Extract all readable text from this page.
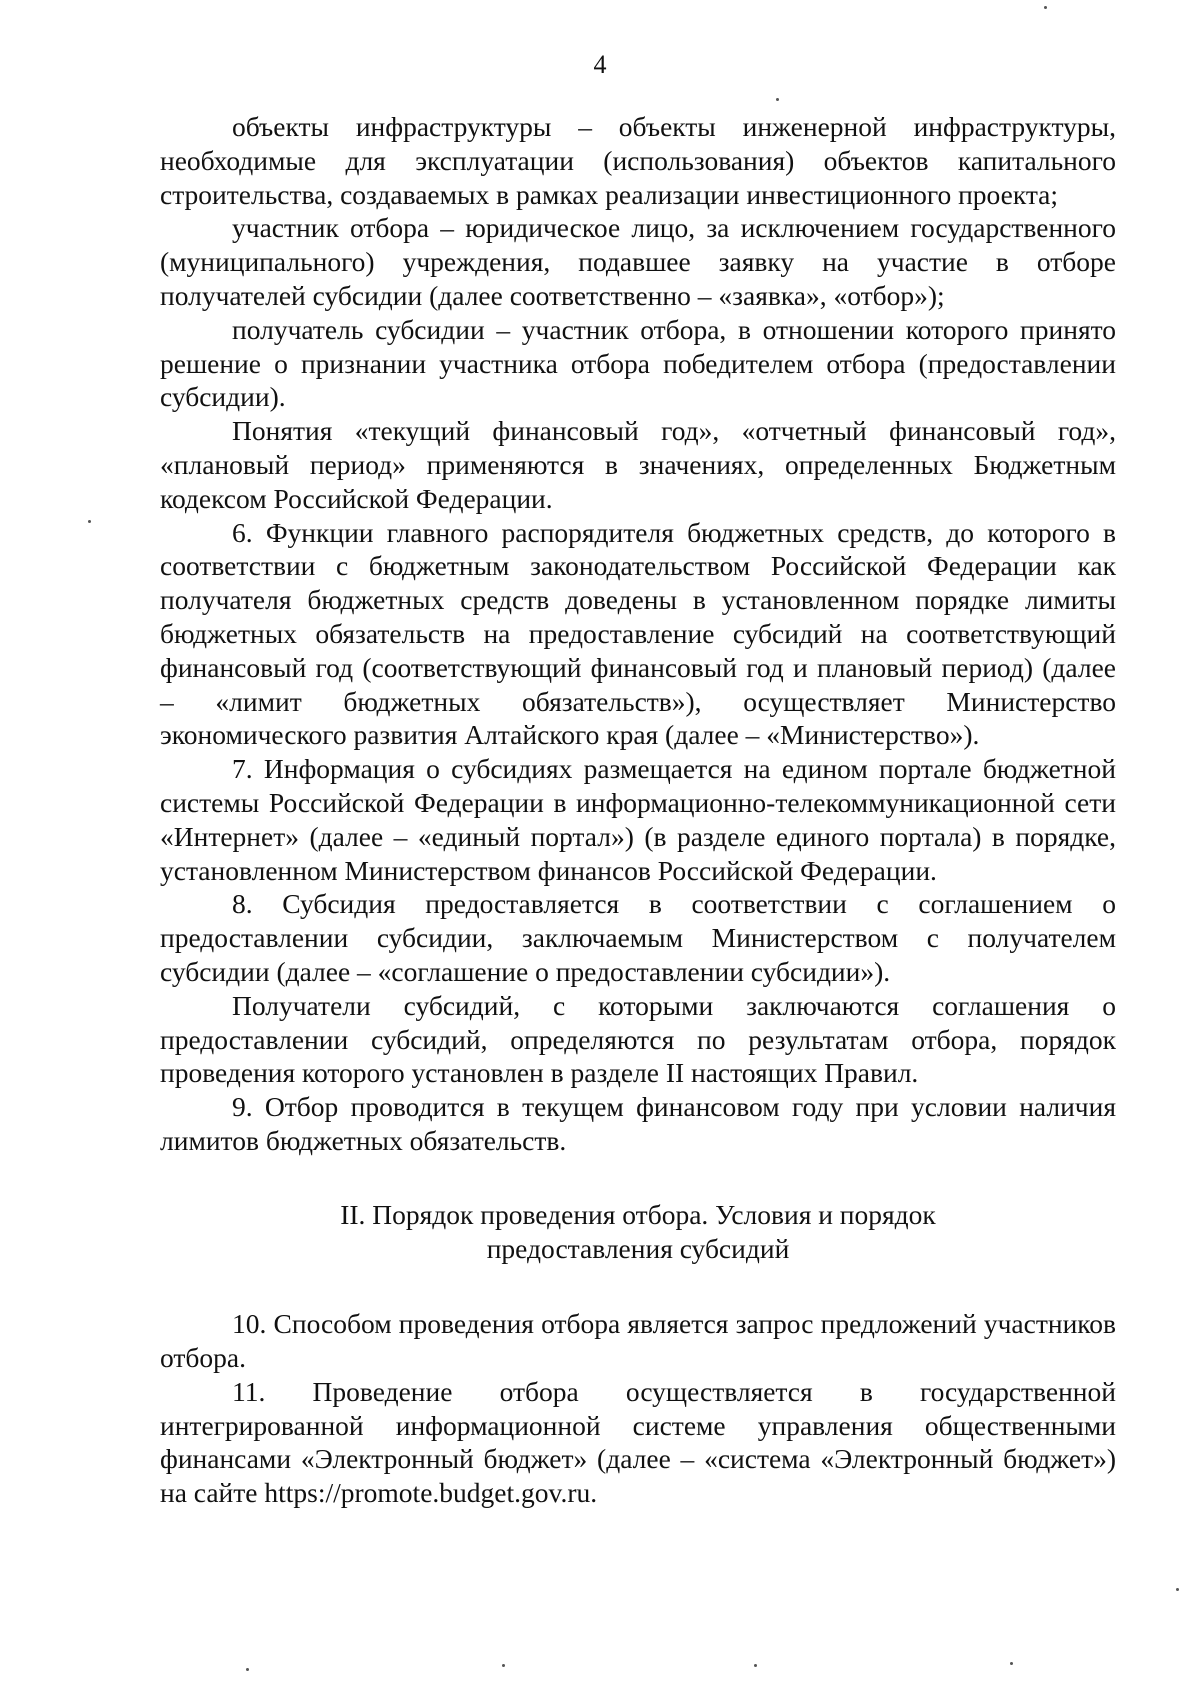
4

объекты инфраструктуры – объекты инженерной инфраструктуры, необходимые для эксплуатации (использования) объектов капитального строительства, создаваемых в рамках реализации инвестиционного проекта;

участник отбора – юридическое лицо, за исключением государственного (муниципального) учреждения, подавшее заявку на участие в отборе получателей субсидии (далее соответственно – «заявка», «отбор»);

получатель субсидии – участник отбора, в отношении которого принято решение о признании участника отбора победителем отбора (предоставлении субсидии).

Понятия «текущий финансовый год», «отчетный финансовый год», «плановый период» применяются в значениях, определенных Бюджетным кодексом Российской Федерации.

6. Функции главного распорядителя бюджетных средств, до которого в соответствии с бюджетным законодательством Российской Федерации как получателя бюджетных средств доведены в установленном порядке лимиты бюджетных обязательств на предоставление субсидий на соответствующий финансовый год (соответствующий финансовый год и плановый период) (далее – «лимит бюджетных обязательств»), осуществляет Министерство экономического развития Алтайского края (далее – «Министерство»).

7. Информация о субсидиях размещается на едином портале бюджетной системы Российской Федерации в информационно-телекоммуникационной сети «Интернет» (далее – «единый портал») (в разделе единого портала) в порядке, установленном Министерством финансов Российской Федерации.

8. Субсидия предоставляется в соответствии с соглашением о предоставлении субсидии, заключаемым Министерством с получателем субсидии (далее – «соглашение о предоставлении субсидии»).

Получатели субсидий, с которыми заключаются соглашения о предоставлении субсидий, определяются по результатам отбора, порядок проведения которого установлен в разделе II настоящих Правил.

9. Отбор проводится в текущем финансовом году при условии наличия лимитов бюджетных обязательств.

II. Порядок проведения отбора. Условия и порядок
предоставления субсидий

10. Способом проведения отбора является запрос предложений участников отбора.

11. Проведение отбора осуществляется в государственной интегрированной информационной системе управления общественными финансами «Электронный бюджет» (далее – «система «Электронный бюджет») на сайте https://promote.budget.gov.ru.
